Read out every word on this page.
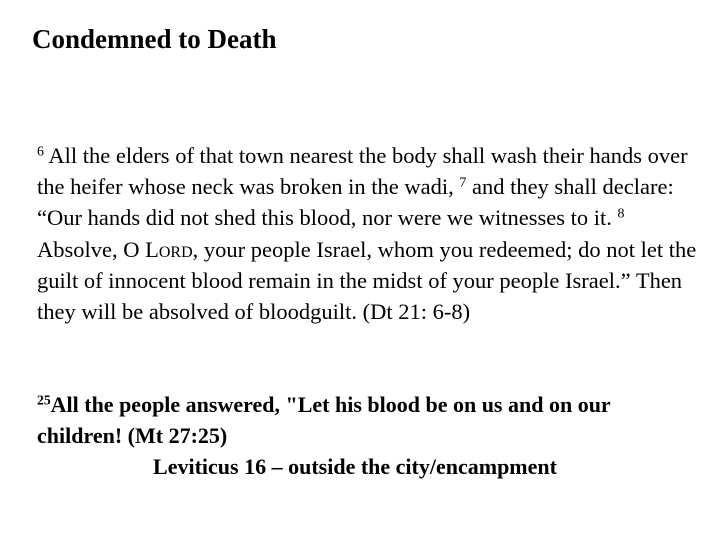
Condemned to Death

$^6$ All the elders of that town nearest the body shall wash their hands over the heifer whose neck was broken in the wadi, $^7$ and they shall declare: “Our hands did not shed this blood, nor were we witnesses to it. $^8$ Absolve, O Lord, your people Israel, whom you redeemed; do not let the guilt of innocent blood remain in the midst of your people Israel.” Then they will be absolved of bloodguilt. (Dt 21: 6-8)

$^{25}$All the people answered, "Let his blood be on us and on our children! (Mt 27:25)

Leviticus 16 – outside the city/encampment
